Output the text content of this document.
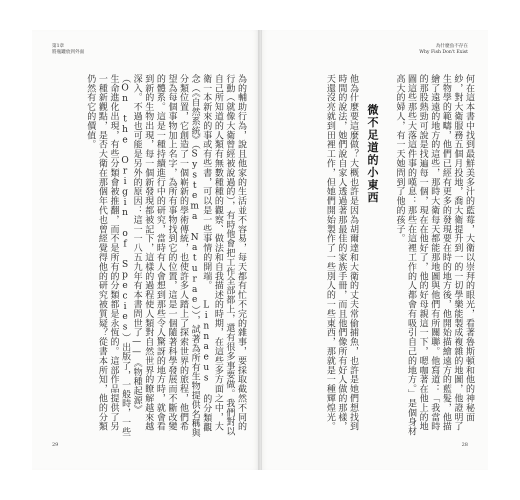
第1章
將瓶罐放到外面
為的輔助行為，說且他家的生活並不容易，每天都有忙不完的雜事，要採取截然不同的行動（就像大衛曾經被說過的），有時他會把工作全部都上，還有很多事要做。我們對以自己所知道的人類有無數種種的觀察、做法和自我描述的時期，在這些多方面之中，大衛一本新來的事或有些書，可以是一些事情的開端。 Linnaeus 的分類觀念（《自然系統》（Systema Naturae）），試著為所有生物提供名稱與分類位置，它創造了一個嶄新的學術傳統，也使許多人踏上了探索世界的旅程，他們希望為每個事物加上名字，為所有事物找到它的位置，這是一個隨著科學發展而不斷改變的體系。這是一種持續進行中的研究，當時有人會想到那些令人驚訝的地方時，就會看到新的生物出現，每一個新發現都被記下，這樣的過程使人類對自然世界的瞭解越來越深入。不過也可能是另外的原因：這一一八五九年有本書問世了——《物種起源》（On the Origin of Species）出版了，一般時，一些生命進化出現，有些分類會被推翻，而不是所有的分類都是永恆的。這部作品提供了另一種新觀點，是否大衛在那個年代也曾經覺得他的研究被質疑？從書本所知，他的分類仍然有它的價值。
29
為什麼魚不存在
Why Fish Don't Exist
何在這本書中找到最鮮美多汁的藍莓，大衛以崇拜的眼光，看著魯斯頓和他的神秘面紗，對大衛服務五個月投地，喬大衛提升到一的一切學樂能製成複雜的地圖，他證明了生物學的範疇，他們已經有更多的發現要在時的地方後，他開始描繪遠方的藍髮，他描繪了遠遠的地方的這些，那時大衛每天都能那地圖與他們有所關聯。他寫道：「我當時的那股熱勁可說是找遍每一個，現在在他好了，他的好母親這一下，嗯咖著在他上的地圖這些那些大落這件事的嘆息：那些在這裡工作的人都會有吸引自己的地方。」是個身材高大的婦人，有一天她問到了他的孩子。
微不足道的小東西
他為什麼要這麼做？大概也許是因為胡爾達和大衛的丈夫常偷捕魚，也許是她們想找到時間的說法，她們說自家人透過著那最佳的家族手冊，而且他們像所有好人做的那樣，天還沒亮就到田裡工作，但她們開始製作了一些別人的一些東西，那就是一種輝煌光。
28
